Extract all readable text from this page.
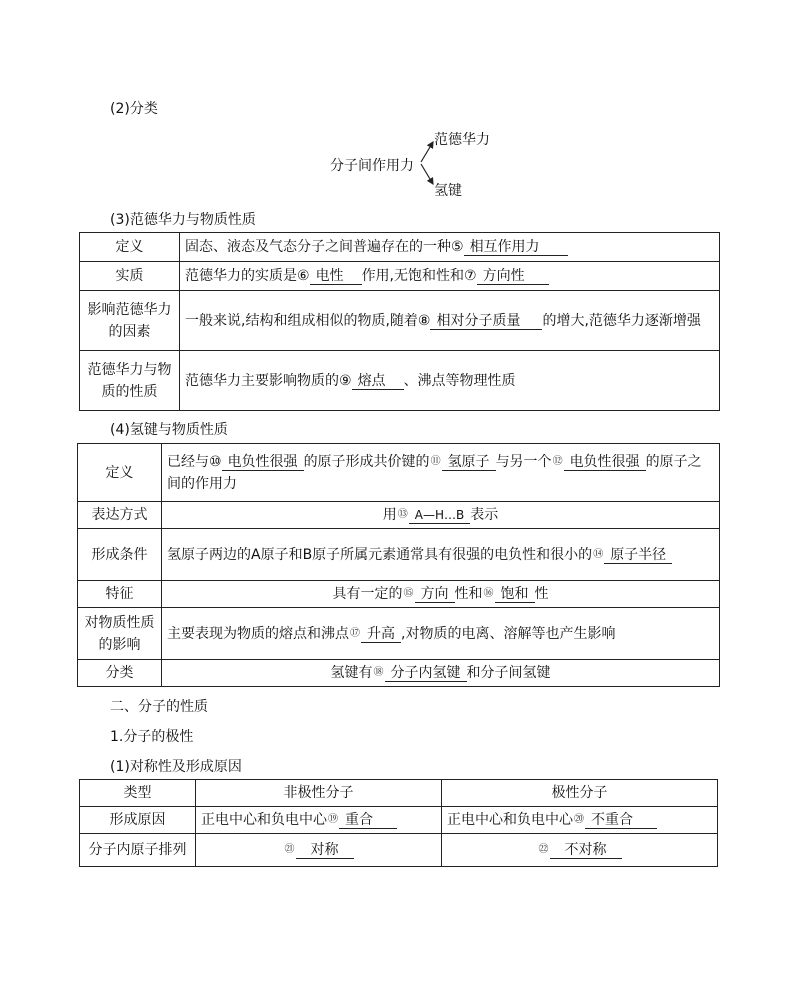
(2)分类
分子间作用力
范德华力
氢键
(3)范德华力与物质性质
定义	固态、液态及气态分子之间普遍存在的一种⑤ 相互作用力
实质	范德华力的实质是⑥ 电性 作用,无饱和性和⑦ 方向性
影响范德华力的因素	一般来说,结构和组成相似的物质,随着⑧ 相对分子质量 的增大,范德华力逐渐增强
范德华力与物质的性质	范德华力主要影响物质的⑨ 熔点 、沸点等物理性质
(4)氢键与物质性质
定义	已经与⑩ 电负性很强 的原子形成共价键的⑪ 氢原子 与另一个⑫ 电负性很强 的原子之间的作用力
表达方式	用⑬ A—H…B 表示
形成条件	氢原子两边的A原子和B原子所属元素通常具有很强的电负性和很小的⑭ 原子半径
特征	具有一定的⑮ 方向 性和⑯ 饱和 性
对物质性质的影响	主要表现为物质的熔点和沸点⑰ 升高 ,对物质的电离、溶解等也产生影响
分类	氢键有⑱ 分子内氢键 和分子间氢键
二、分子的性质
1.分子的极性
(1)对称性及形成原因
类型	非极性分子	极性分子
形成原因	正电中心和负电中心⑲ 重合	正电中心和负电中心⑳ 不重合
分子内原子排列	㉑ 对称	㉒ 不对称
